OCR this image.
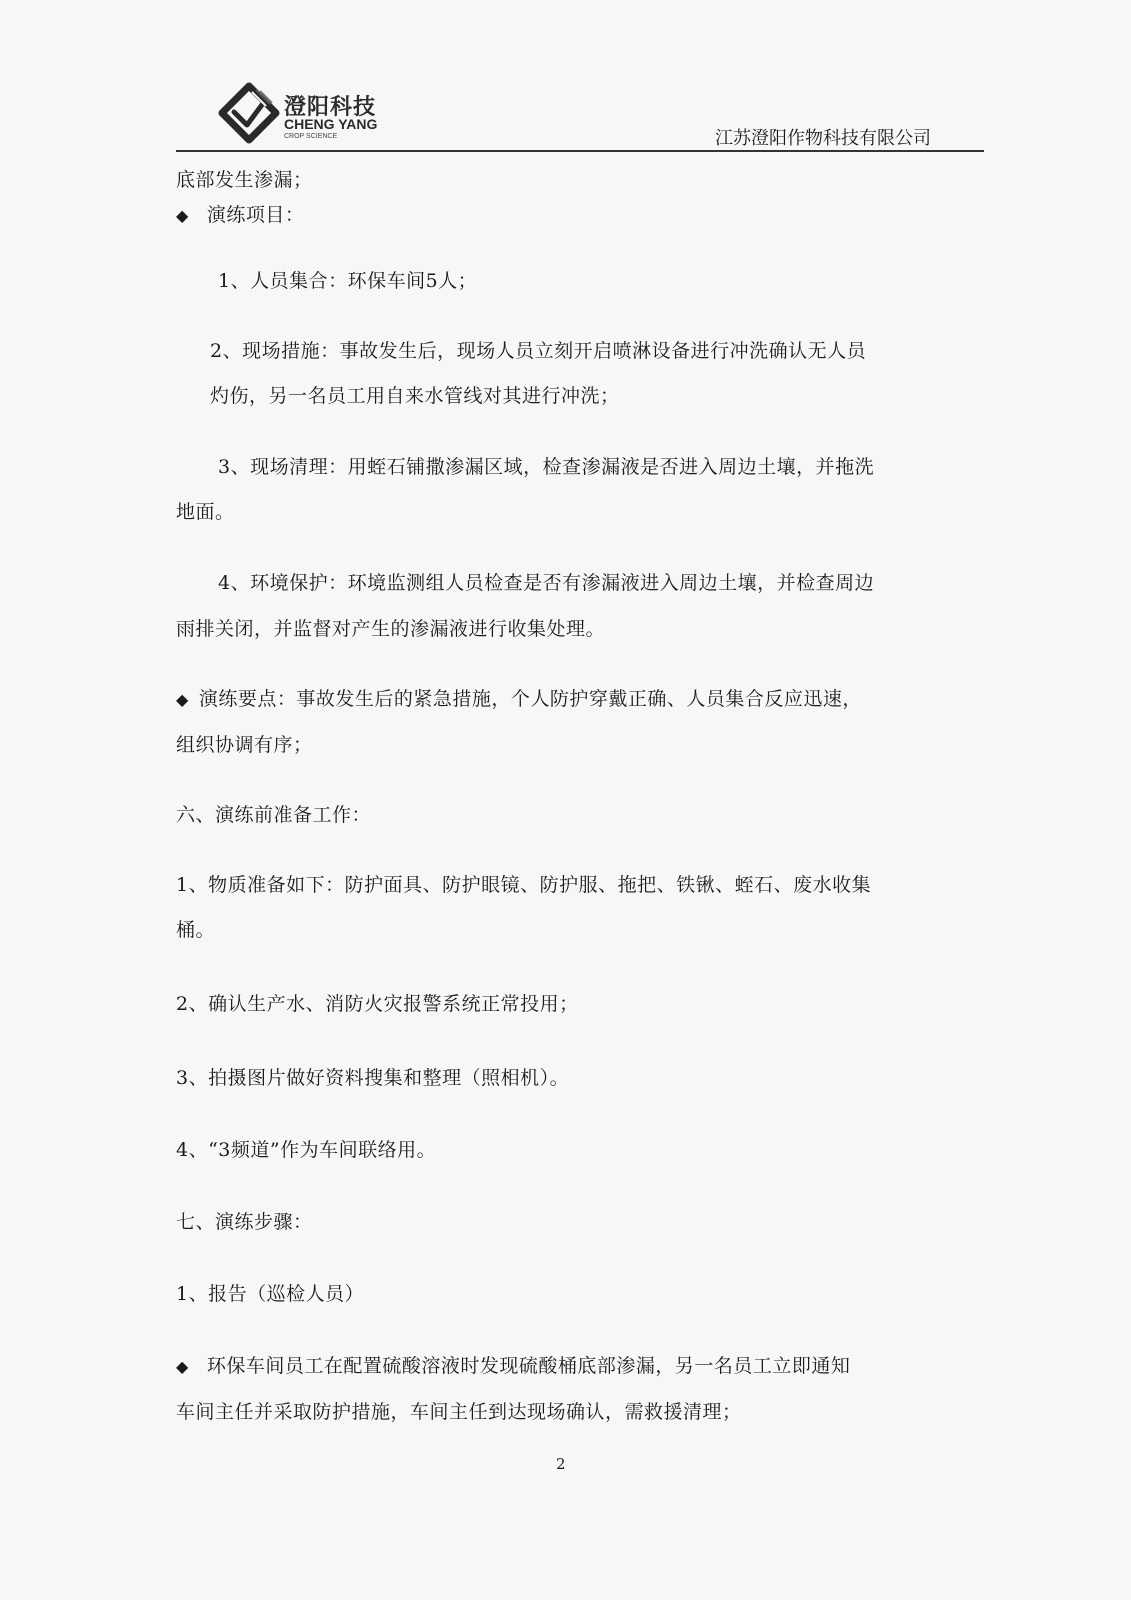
澄阳科技
CHENG YANG
CROP SCIENCE	江苏澄阳作物科技有限公司
底部发生渗漏；
◆ 演练项目：
1、人员集合：环保车间5人；
2、现场措施：事故发生后，现场人员立刻开启喷淋设备进行冲洗确认无人员
灼伤，另一名员工用自来水管线对其进行冲洗；
3、现场清理：用蛭石铺撒渗漏区域，检查渗漏液是否进入周边土壤，并拖洗
地面。
4、环境保护：环境监测组人员检查是否有渗漏液进入周边土壤，并检查周边
雨排关闭，并监督对产生的渗漏液进行收集处理。
◆ 演练要点：事故发生后的紧急措施，个人防护穿戴正确、人员集合反应迅速，
组织协调有序；
六、演练前准备工作：
1、物质准备如下：防护面具、防护眼镜、防护服、拖把、铁锹、蛭石、废水收集
桶。
2、确认生产水、消防火灾报警系统正常投用；
3、拍摄图片做好资料搜集和整理（照相机）。
4、“3频道”作为车间联络用。
七、演练步骤：
1、报告（巡检人员）
◆ 环保车间员工在配置硫酸溶液时发现硫酸桶底部渗漏，另一名员工立即通知
车间主任并采取防护措施，车间主任到达现场确认，需救援清理；
2
